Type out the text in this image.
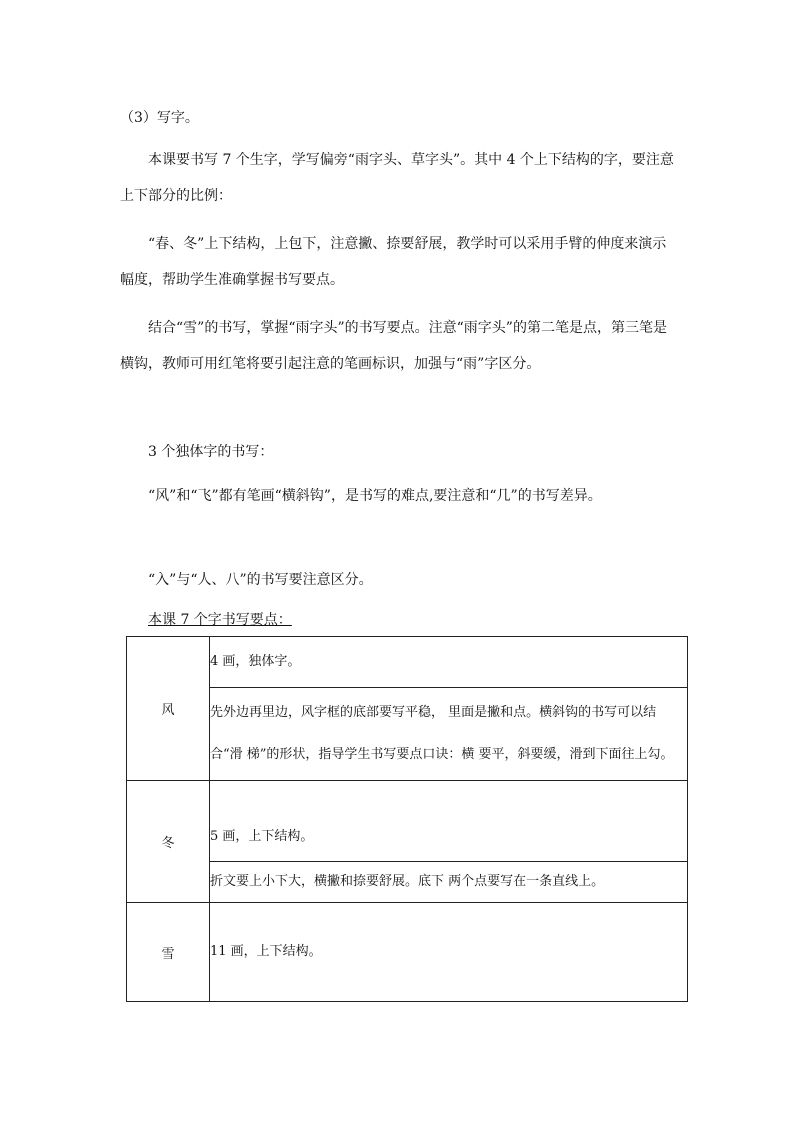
（3）写字。

本课要书写 7 个生字，学写偏旁“雨字头、草字头”。其中 4 个上下结构的字，要注意 上下部分的比例：

“春、冬”上下结构，上包下，注意撇、捺要舒展，教学时可以采用手臂的伸度来演示幅度，帮助学生准确掌握书写要点。

结合“雪”的书写，掌握“雨字头”的书写要点。注意“雨字头”的第二笔是点，第三笔是横钩，教师可用红笔将要引起注意的笔画标识，加强与“雨”字区分。

3 个独体字的书写：

“风”和“飞”都有笔画“横斜钩”，是书写的难点,要注意和“几”的书写差异。

“入”与“人、八”的书写要注意区分。

本课 7 个字书写要点：

风	4 画，独体字。
	先外边再里边，风字框的底部要写平稳， 里面是撇和点。横斜钩的书写可以结合“滑 梯”的形状，指导学生书写要点口诀：横 要平，斜要缓，滑到下面往上勾。
冬	5 画，上下结构。
	折文要上小下大，横撇和捺要舒展。底下 两个点要写在一条直线上。
雪	11 画，上下结构。
